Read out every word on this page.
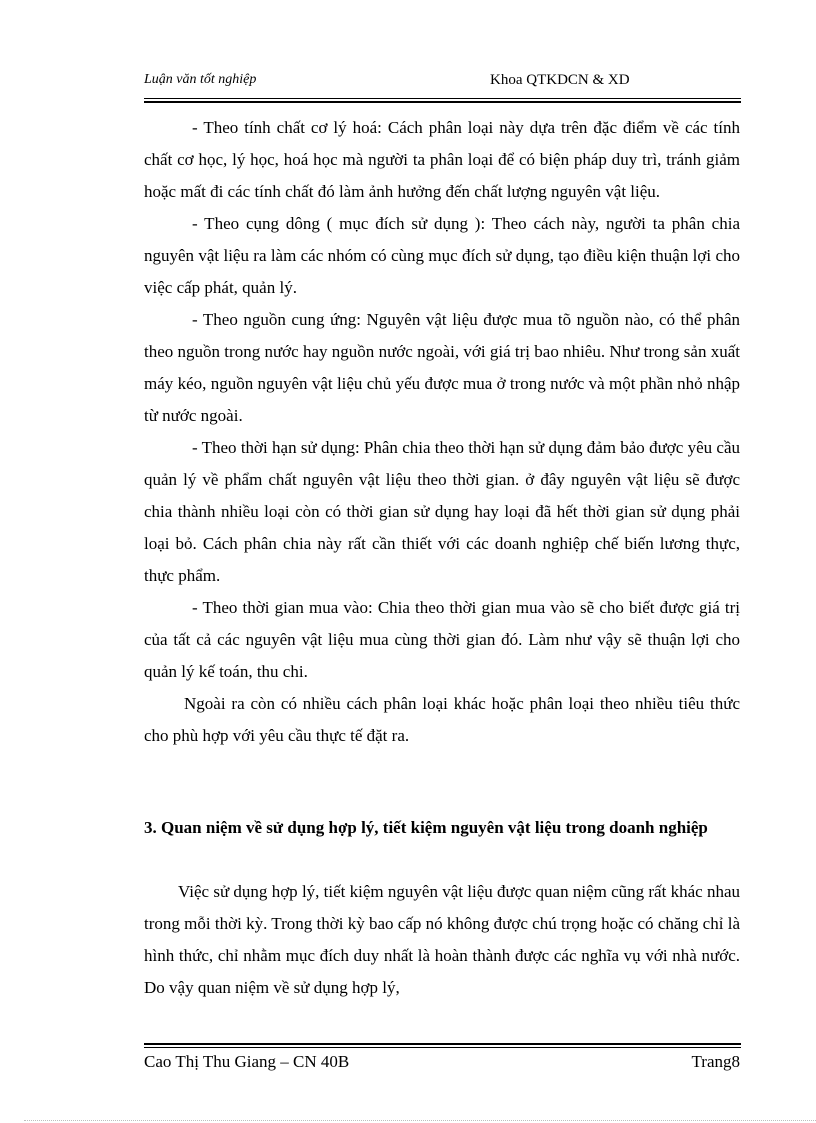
Luận văn tốt nghiệp	Khoa QTKDCN & XD

- Theo tính chất cơ lý hoá: Cách phân loại này dựa trên đặc điểm về các tính chất cơ học, lý học, hoá học mà người ta phân loại để có biện pháp duy trì, tránh giảm hoặc mất đi các tính chất đó làm ảnh hưởng đến chất lượng nguyên vật liệu.

- Theo cụng dông ( mục đích sử dụng ): Theo cách này, người ta phân chia nguyên vật liệu ra làm các nhóm có cùng mục đích sử dụng, tạo điều kiện thuận lợi cho việc cấp phát, quản lý.

- Theo nguồn cung ứng: Nguyên vật liệu được mua tõ nguồn nào, có thể phân theo nguồn trong nước hay nguồn nước ngoài, với giá trị bao nhiêu. Như trong sản xuất máy kéo, nguồn nguyên vật liệu chủ yếu được mua ở trong nước và một phần nhỏ nhập từ nước ngoài.

- Theo thời hạn sử dụng: Phân chia theo thời hạn sử dụng đảm bảo được yêu cầu quản lý về phẩm chất nguyên vật liệu theo thời gian. ở đây nguyên vật liệu sẽ được chia thành nhiều loại còn có thời gian sử dụng hay loại đã hết thời gian sử dụng phải loại bỏ. Cách phân chia này rất cần thiết với các doanh nghiệp chế biến lương thực, thực phẩm.

- Theo thời gian mua vào: Chia theo thời gian mua vào sẽ cho biết được giá trị của tất cả các nguyên vật liệu mua cùng thời gian đó. Làm như vậy sẽ thuận lợi cho quản lý kế toán, thu chi.

Ngoài ra còn có nhiều cách phân loại khác hoặc phân loại theo nhiều tiêu thức cho phù hợp với yêu cầu thực tế đặt ra.

3. Quan niệm về sử dụng hợp lý, tiết kiệm nguyên vật liệu trong doanh nghiệp

Việc sử dụng hợp lý, tiết kiệm nguyên vật liệu được quan niệm cũng rất khác nhau trong mỗi thời kỳ. Trong thời kỳ bao cấp nó không được chú trọng hoặc có chăng chỉ là hình thức, chỉ nhằm mục đích duy nhất là hoàn thành được các nghĩa vụ với nhà nước. Do vậy quan niệm về sử dụng hợp lý,

Cao Thị Thu Giang – CN 40B	Trang8
